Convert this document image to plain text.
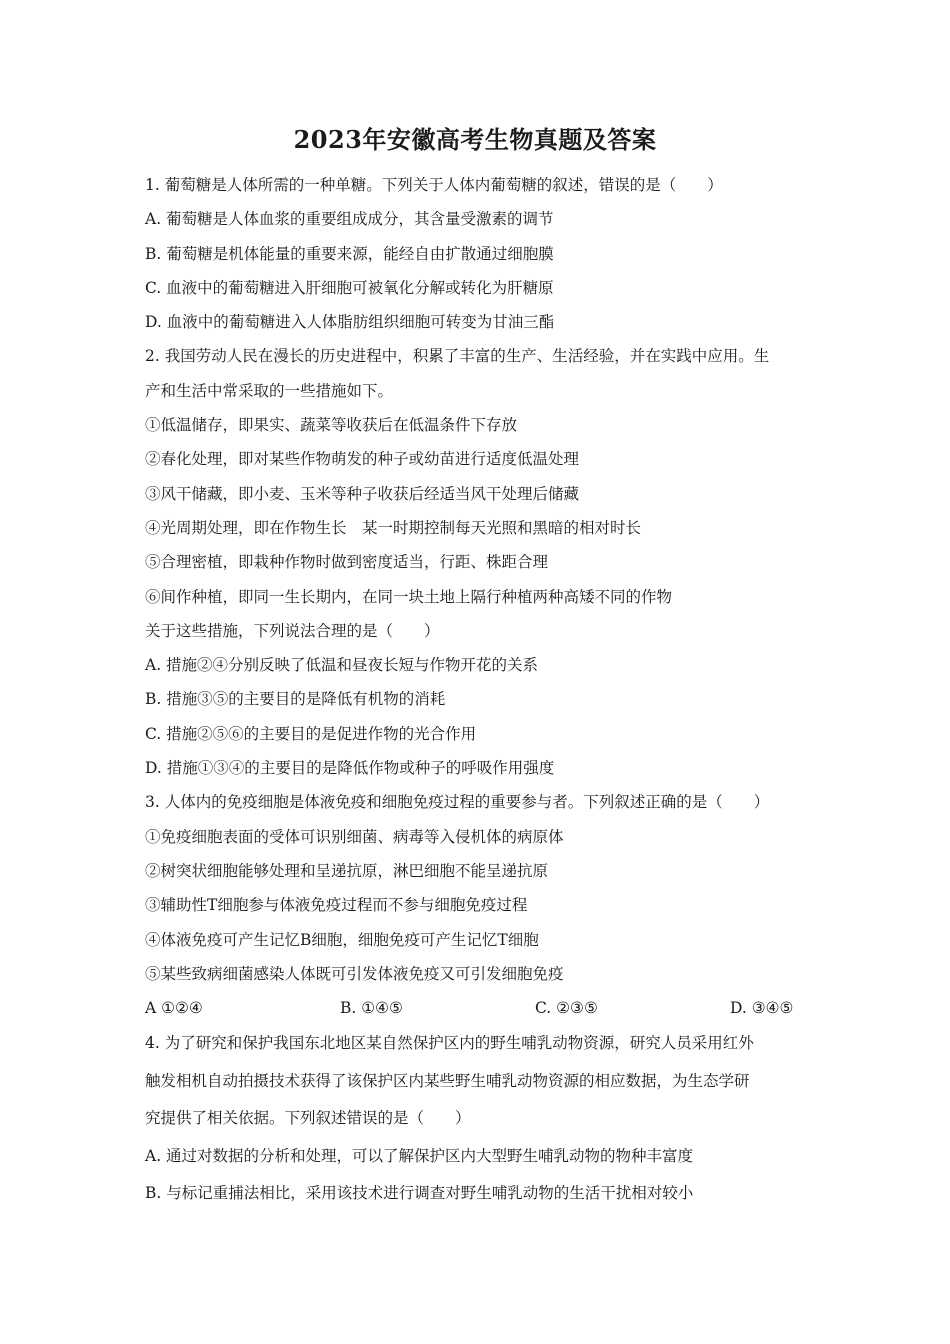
2023年安徽高考生物真题及答案
1. 葡萄糖是人体所需的一种单糖。下列关于人体内葡萄糖的叙述，错误的是（　　）
A. 葡萄糖是人体血浆的重要组成成分，其含量受激素的调节
B. 葡萄糖是机体能量的重要来源，能经自由扩散通过细胞膜
C. 血液中的葡萄糖进入肝细胞可被氧化分解或转化为肝糖原
D. 血液中的葡萄糖进入人体脂肪组织细胞可转变为甘油三酯
2. 我国劳动人民在漫长的历史进程中，积累了丰富的生产、生活经验，并在实践中应用。生
产和生活中常采取的一些措施如下。
①低温储存，即果实、蔬菜等收获后在低温条件下存放
②春化处理，即对某些作物萌发的种子或幼苗进行适度低温处理
③风干储藏，即小麦、玉米等种子收获后经适当风干处理后储藏
④光周期处理，即在作物生长　某一时期控制每天光照和黑暗的相对时长
⑤合理密植，即栽种作物时做到密度适当，行距、株距合理
⑥间作种植，即同一生长期内，在同一块土地上隔行种植两种高矮不同的作物
关于这些措施，下列说法合理的是（　　）
A. 措施②④分别反映了低温和昼夜长短与作物开花的关系
B. 措施③⑤的主要目的是降低有机物的消耗
C. 措施②⑤⑥的主要目的是促进作物的光合作用
D. 措施①③④的主要目的是降低作物或种子的呼吸作用强度
3. 人体内的免疫细胞是体液免疫和细胞免疫过程的重要参与者。下列叙述正确的是（　　）
①免疫细胞表面的受体可识别细菌、病毒等入侵机体的病原体
②树突状细胞能够处理和呈递抗原，淋巴细胞不能呈递抗原
③辅助性T细胞参与体液免疫过程而不参与细胞免疫过程
④体液免疫可产生记忆B细胞，细胞免疫可产生记忆T细胞
⑤某些致病细菌感染人体既可引发体液免疫又可引发细胞免疫
A ①②④	B. ①④⑤	C. ②③⑤	D. ③④⑤
4. 为了研究和保护我国东北地区某自然保护区内的野生哺乳动物资源，研究人员采用红外
触发相机自动拍摄技术获得了该保护区内某些野生哺乳动物资源的相应数据，为生态学研
究提供了相关依据。下列叙述错误的是（　　）
A. 通过对数据的分析和处理，可以了解保护区内大型野生哺乳动物的物种丰富度
B. 与标记重捕法相比，采用该技术进行调查对野生哺乳动物的生活干扰相对较小
